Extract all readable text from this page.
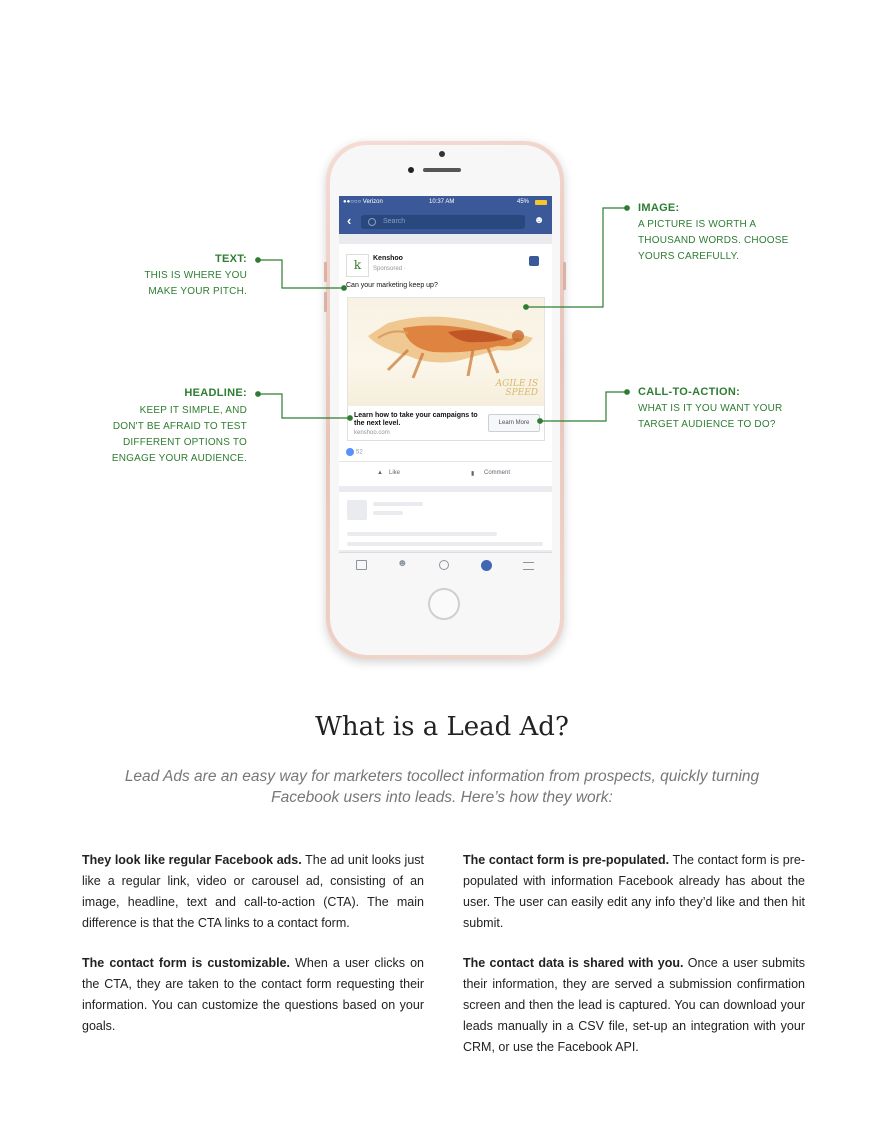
●●○○○ Verizon	10:37 AM	45%
‹	Search	☻
k	Kenshoo
Sponsored ·
Can your marketing keep up?
AGILE IS
SPEED
Learn how to take your campaigns to the next level.
kenshoo.com
Learn More
52
▲ Like	▮ Comment
☻
TEXT:
THIS IS WHERE YOU
MAKE YOUR PITCH.
HEADLINE:
KEEP IT SIMPLE, AND
DON'T BE AFRAID TO TEST
DIFFERENT OPTIONS TO
ENGAGE YOUR AUDIENCE.
IMAGE:
A PICTURE IS WORTH A
THOUSAND WORDS. CHOOSE
YOURS CAREFULLY.
CALL-TO-ACTION:
WHAT IS IT YOU WANT YOUR
TARGET AUDIENCE TO DO?
What is a Lead Ad?
Lead Ads are an easy way for marketers tocollect information from prospects, quickly turning Facebook users into leads. Here’s how they work:
They look like regular Facebook ads. The ad unit looks just like a regular link, video or carousel ad, consisting of an image, headline, text and call-to-action (CTA). The main difference is that the CTA links to a contact form.
The contact form is customizable. When a user clicks on the CTA, they are taken to the contact form requesting their information. You can customize the questions based on your goals.
The contact form is pre-populated. The contact form is pre-populated with information Facebook already has about the user. The user can easily edit any info they’d like and then hit submit.
The contact data is shared with you. Once a user submits their information, they are served a submission confirmation screen and then the lead is captured. You can download your leads manually in a CSV file, set-up an integration with your CRM, or use the Facebook API.
